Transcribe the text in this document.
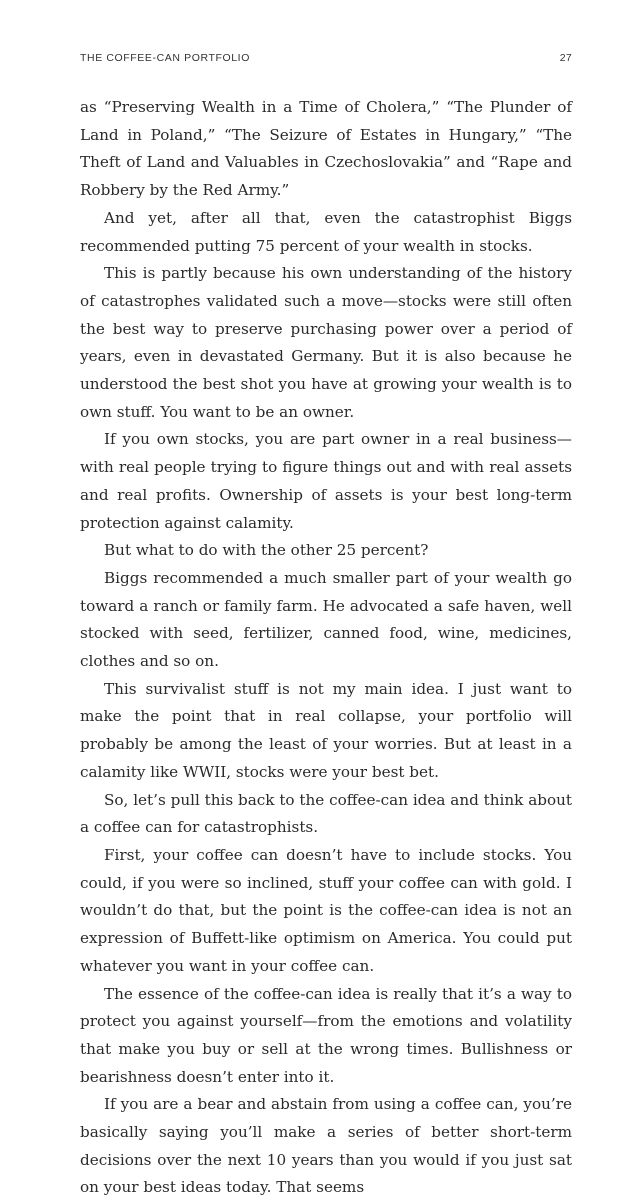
THE COFFEE-CAN PORTFOLIO	27

as “Preserving Wealth in a Time of Cholera,” “The Plunder of Land in Poland,” “The Seizure of Estates in Hungary,” “The Theft of Land and Valuables in Czechoslovakia” and “Rape and Robbery by the Red Army.”

And yet, after all that, even the catastrophist Biggs recommended putting 75 percent of your wealth in stocks.

This is partly because his own understanding of the history of catastrophes validated such a move—stocks were still often the best way to preserve purchasing power over a period of years, even in devastated Germany. But it is also because he understood the best shot you have at growing your wealth is to own stuff. You want to be an owner.

If you own stocks, you are part owner in a real business—with real people trying to figure things out and with real assets and real profits. Ownership of assets is your best long-term protection against calamity.

But what to do with the other 25 percent?

Biggs recommended a much smaller part of your wealth go toward a ranch or family farm. He advocated a safe haven, well stocked with seed, fertilizer, canned food, wine, medicines, clothes and so on.

This survivalist stuff is not my main idea. I just want to make the point that in real collapse, your portfolio will probably be among the least of your worries. But at least in a calamity like WWII, stocks were your best bet.

So, let’s pull this back to the coffee-can idea and think about a coffee can for catastrophists.

First, your coffee can doesn’t have to include stocks. You could, if you were so inclined, stuff your coffee can with gold. I wouldn’t do that, but the point is the coffee-can idea is not an expression of Buffett-like optimism on America. You could put whatever you want in your coffee can.

The essence of the coffee-can idea is really that it’s a way to protect you against yourself—from the emotions and volatility that make you buy or sell at the wrong times. Bullishness or bearishness doesn’t enter into it.

If you are a bear and abstain from using a coffee can, you’re basically saying you’ll make a series of better short-term decisions over the next 10 years than you would if you just sat on your best ideas today. That seems
